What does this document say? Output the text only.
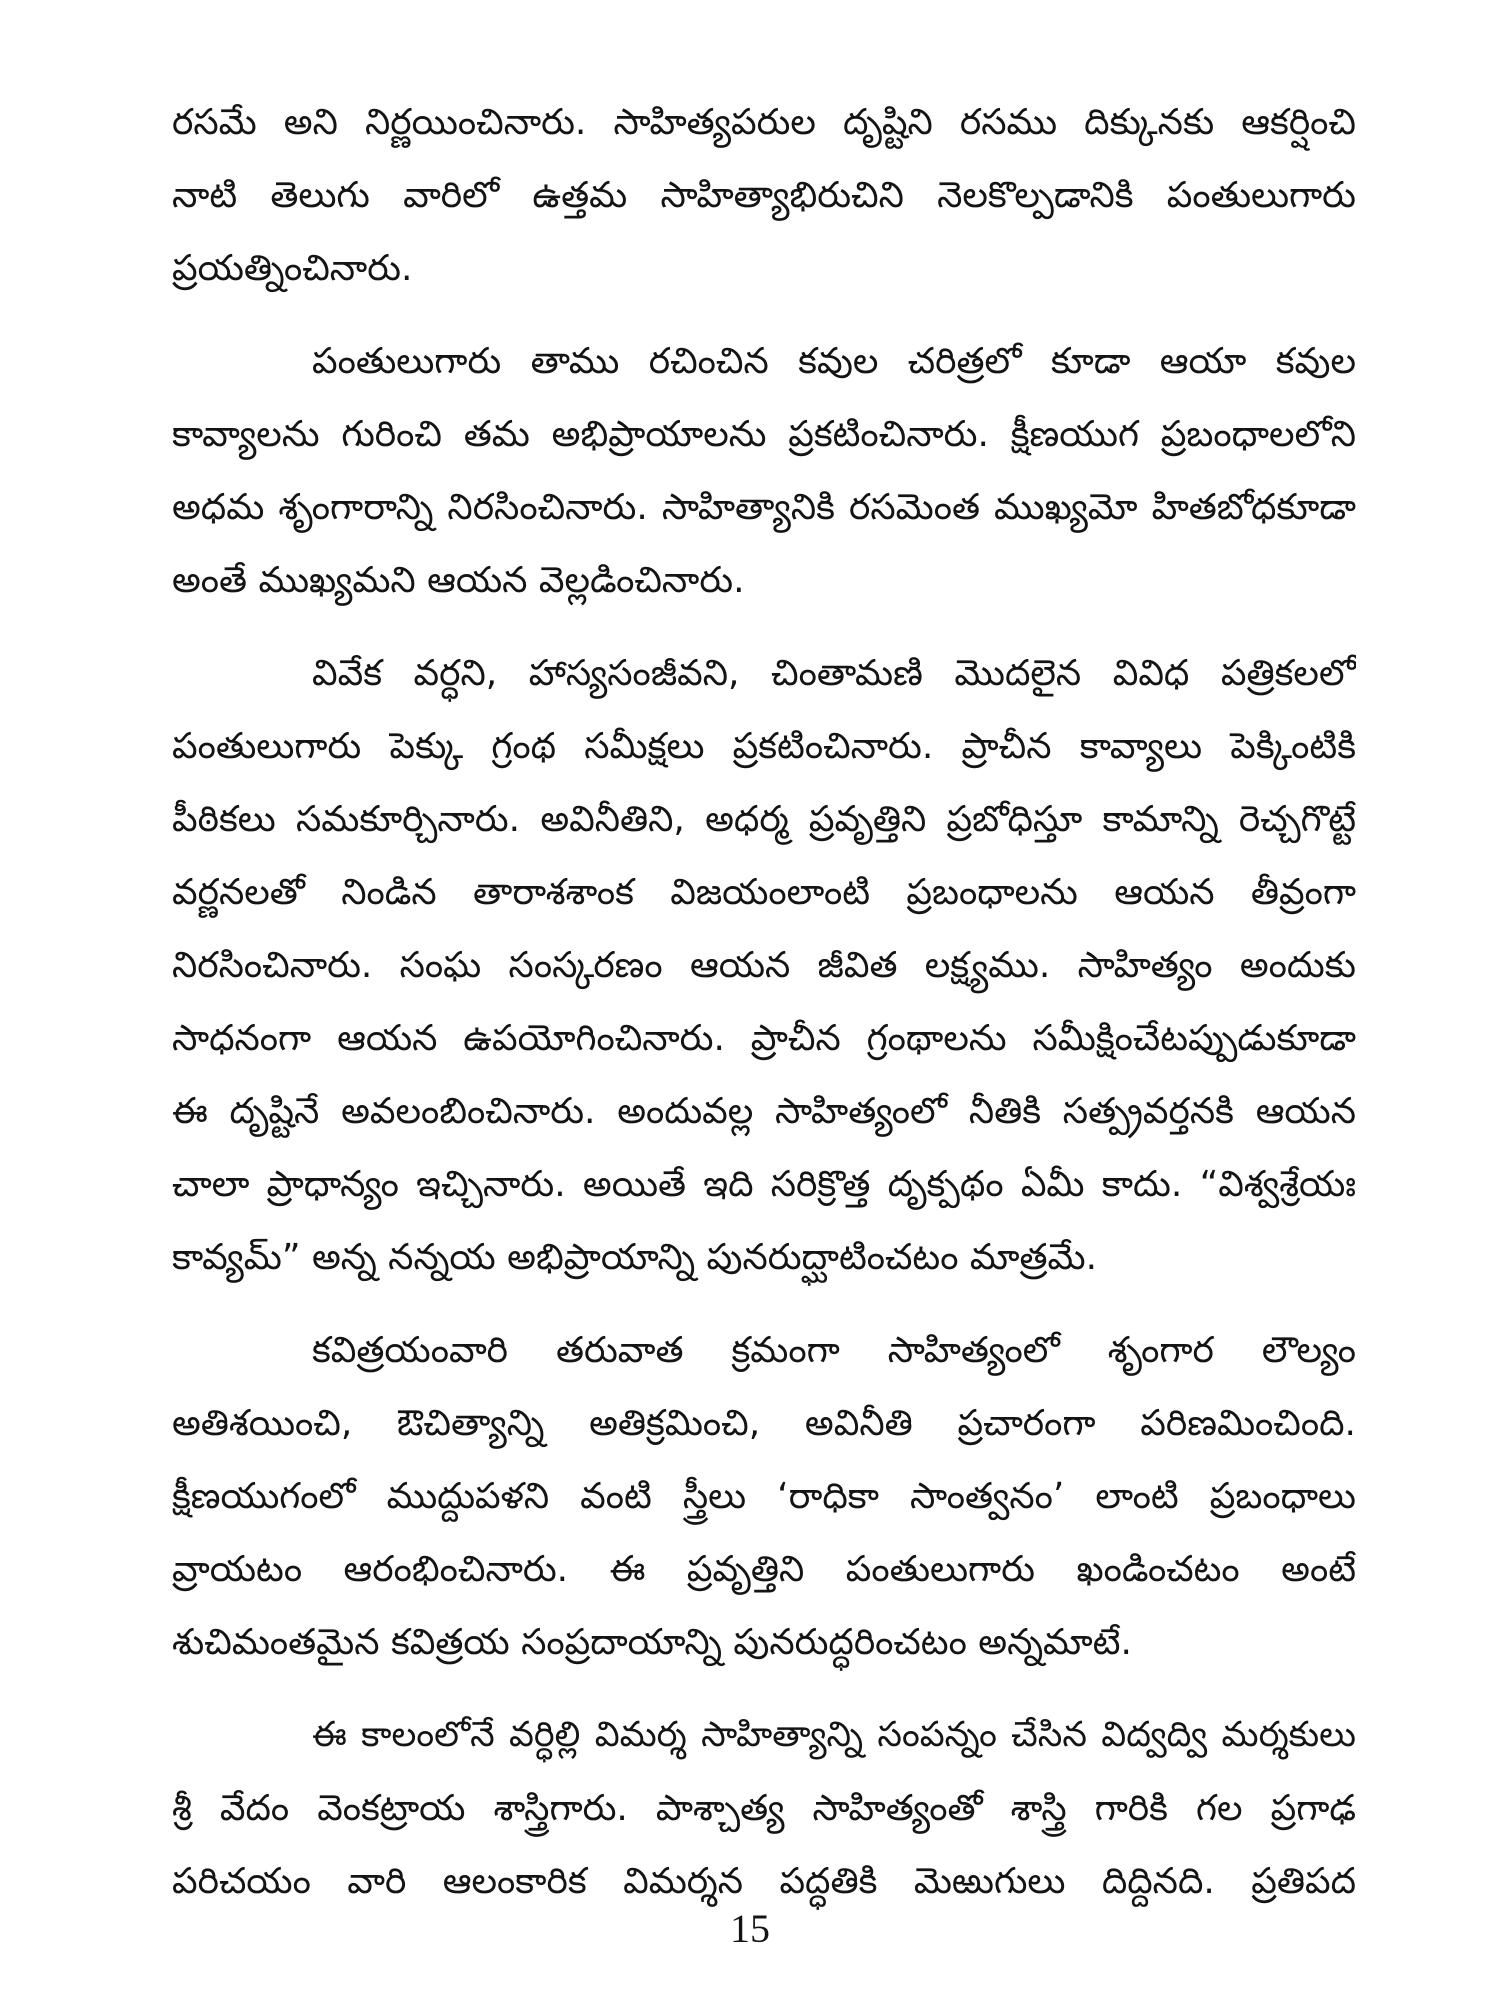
రసమే అని నిర్ణయించినారు. సాహిత్యపరుల దృష్టిని రసము దిక్కునకు ఆకర్షించి
నాటి తెలుగు వారిలో ఉత్తమ సాహిత్యాభిరుచిని నెలకొల్పడానికి పంతులుగారు
ప్రయత్నించినారు.
పంతులుగారు తాము రచించిన కవుల చరిత్రలో కూడా ఆయా కవుల
కావ్యాలను గురించి తమ అభిప్రాయాలను ప్రకటించినారు. క్షీణయుగ ప్రబంధాలలోని
అధమ శృంగారాన్ని నిరసించినారు. సాహిత్యానికి రసమెంత ముఖ్యమో హితబోధకూడా
అంతే ముఖ్యమని ఆయన వెల్లడించినారు.
వివేక వర్ధని, హాస్యసంజీవని, చింతామణి మొదలైన వివిధ పత్రికలలో
పంతులుగారు పెక్కు గ్రంథ సమీక్షలు ప్రకటించినారు. ప్రాచీన కావ్యాలు పెక్కింటికి
పీఠికలు సమకూర్చినారు. అవినీతిని, అధర్మ ప్రవృత్తిని ప్రబోధిస్తూ కామాన్ని రెచ్చగొట్టే
వర్ణనలతో నిండిన తారాశశాంక విజయంలాంటి ప్రబంధాలను ఆయన తీవ్రంగా
నిరసించినారు. సంఘ సంస్కరణం ఆయన జీవిత లక్ష్యము. సాహిత్యం అందుకు
సాధనంగా ఆయన ఉపయోగించినారు. ప్రాచీన గ్రంథాలను సమీక్షించేటప్పుడుకూడా
ఈ దృష్టినే అవలంబించినారు. అందువల్ల సాహిత్యంలో నీతికి సత్ప్రవర్తనకి ఆయన
చాలా ప్రాధాన్యం ఇచ్చినారు. అయితే ఇది సరిక్రొత్త దృక్పథం ఏమీ కాదు. “విశ్వశ్రేయః
కావ్యమ్” అన్న నన్నయ అభిప్రాయాన్ని పునరుద్ఘాటించటం మాత్రమే.
కవిత్రయంవారి తరువాత క్రమంగా సాహిత్యంలో శృంగార లౌల్యం
అతిశయించి, ఔచిత్యాన్ని అతిక్రమించి, అవినీతి ప్రచారంగా పరిణమించింది.
క్షీణయుగంలో ముద్దుపళని వంటి స్త్రీలు ‘రాధికా సాంత్వనం’ లాంటి ప్రబంధాలు
వ్రాయటం ఆరంభించినారు. ఈ ప్రవృత్తిని పంతులుగారు ఖండించటం అంటే
శుచిమంతమైన కవిత్రయ సంప్రదాయాన్ని పునరుద్ధరించటం అన్నమాటే.
ఈ కాలంలోనే వర్ధిల్లి విమర్శ సాహిత్యాన్ని సంపన్నం చేసిన విద్వద్వి మర్శకులు
శ్రీ వేదం వెంకట్రాయ శాస్త్రిగారు. పాశ్చాత్య సాహిత్యంతో శాస్త్రి గారికి గల ప్రగాఢ
పరిచయం వారి ఆలంకారిక విమర్శన పద్ధతికి మెఱుగులు దిద్దినది. ప్రతిపద
15
